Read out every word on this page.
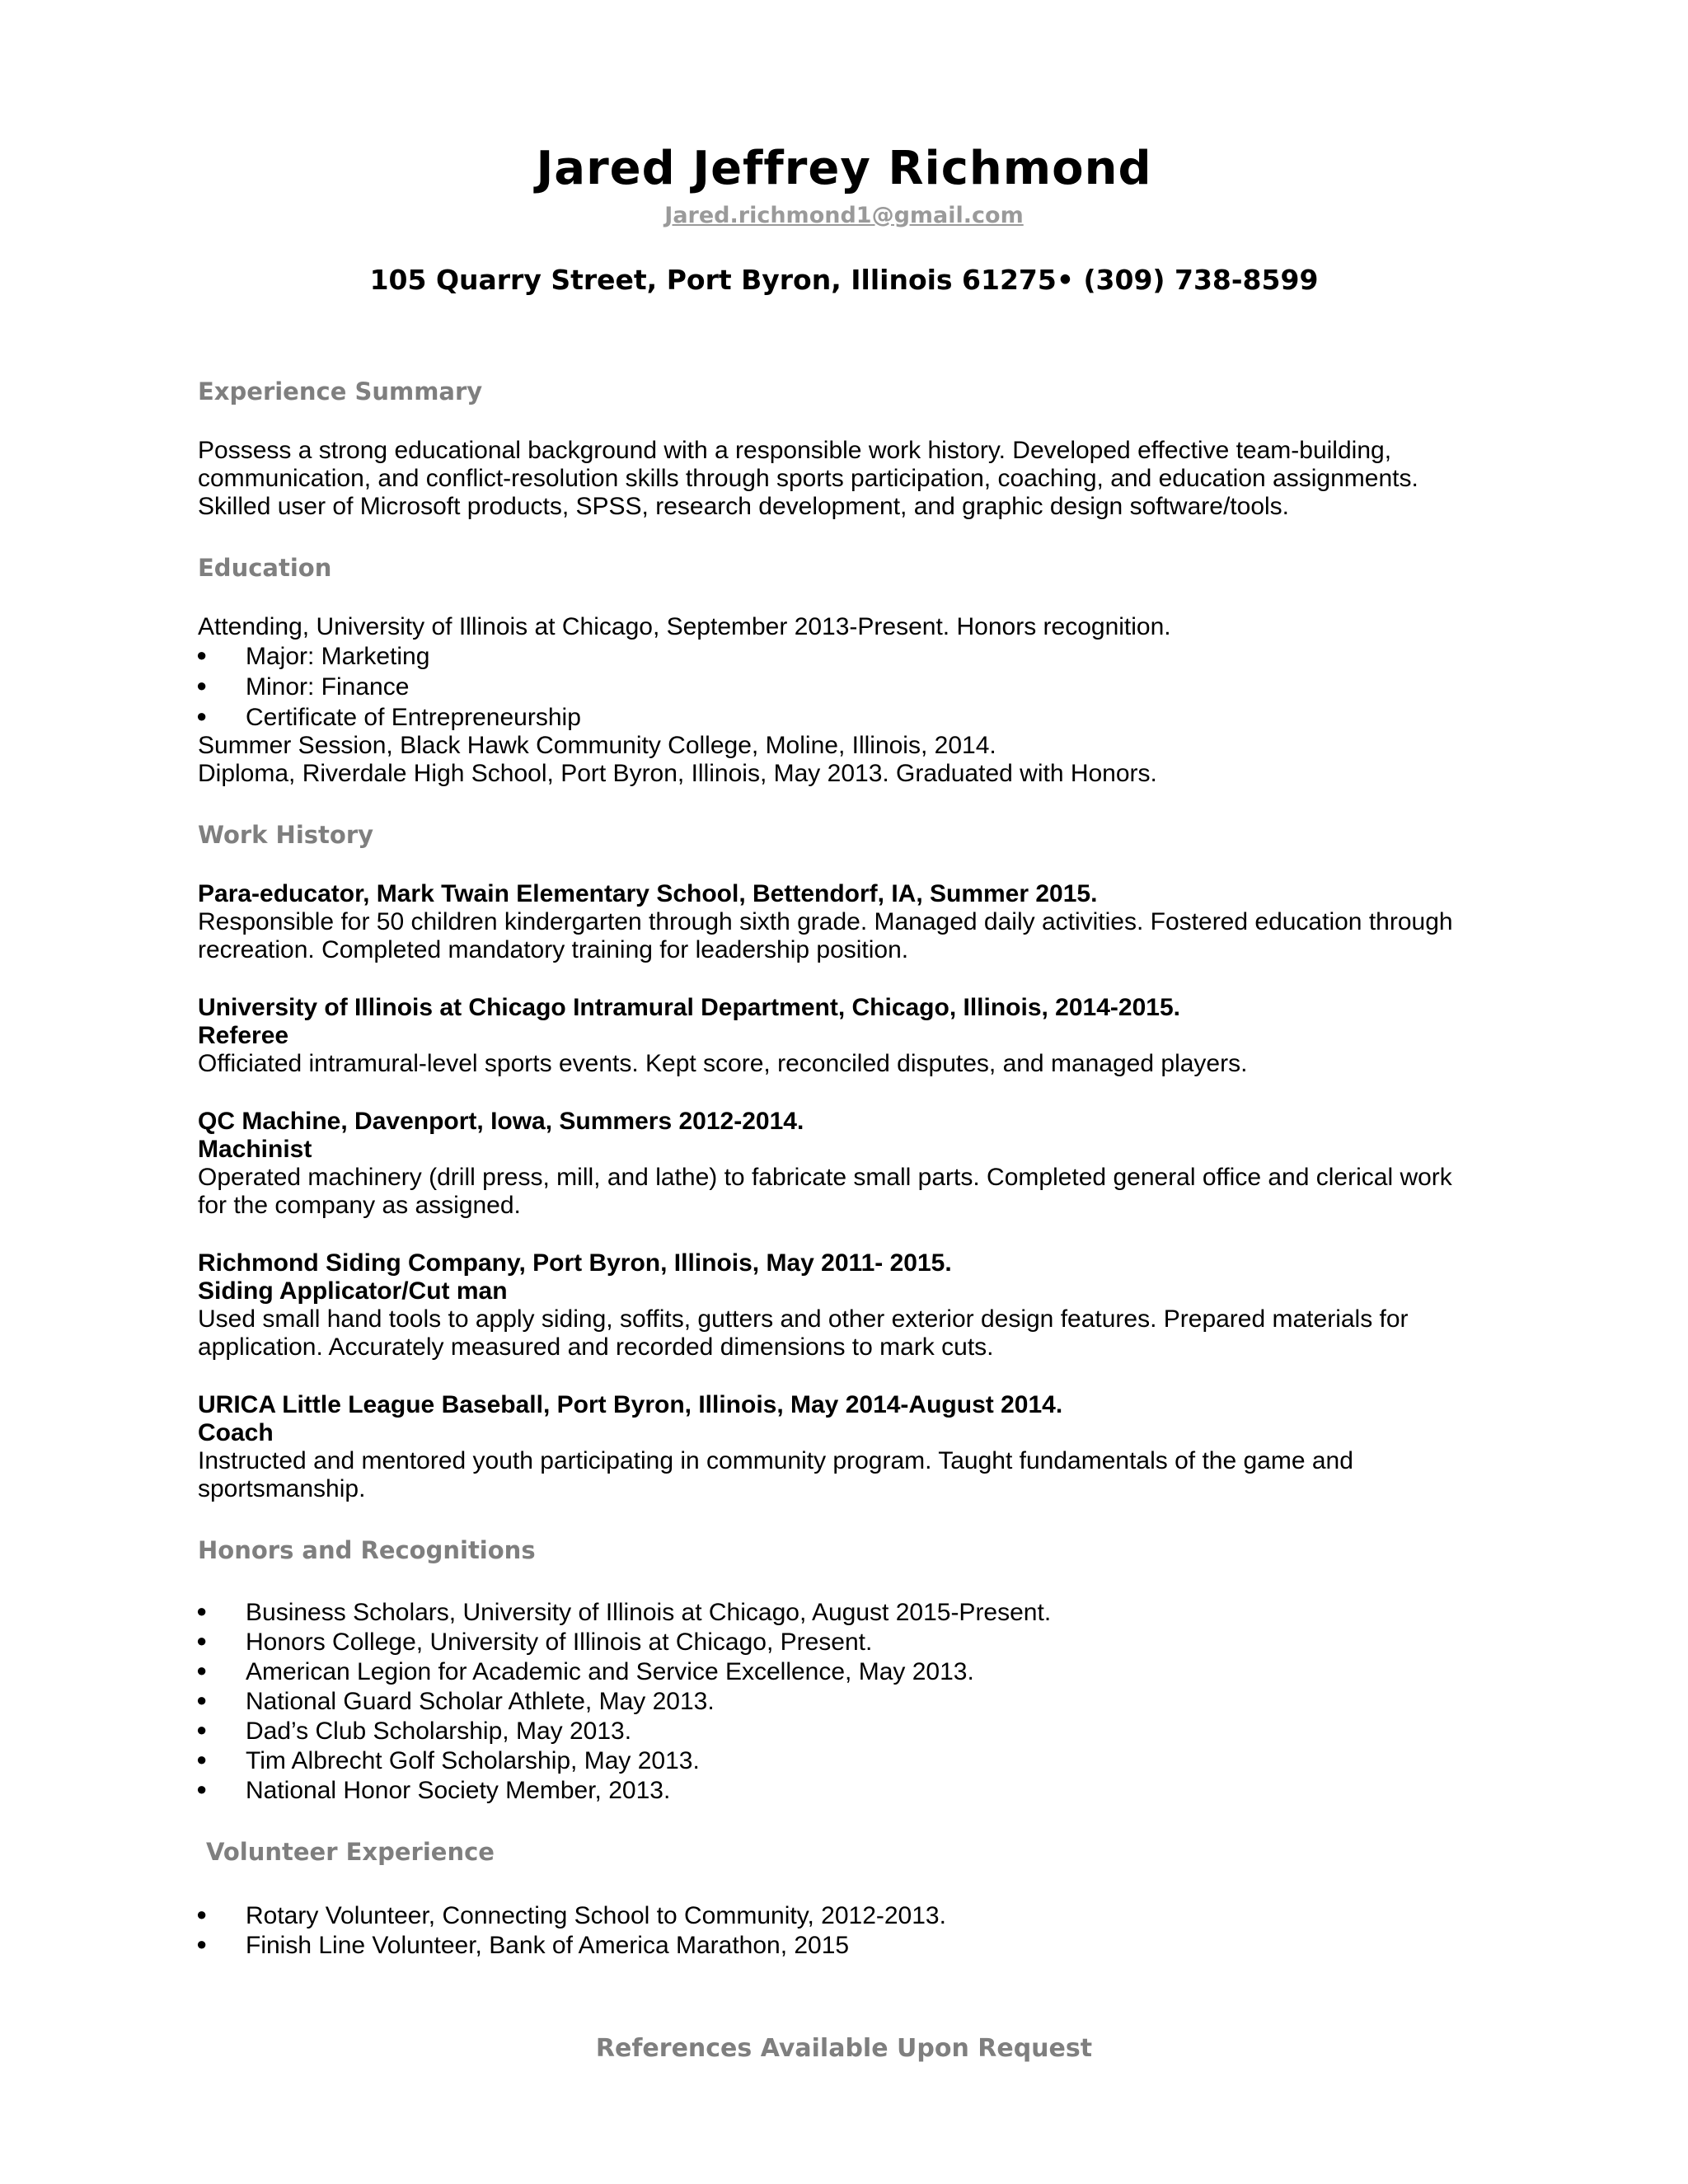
Jared Jeffrey Richmond
Jared.richmond1@gmail.com
105 Quarry Street, Port Byron, Illinois 61275• (309) 738-8599
Experience Summary
Possess a strong educational background with a responsible work history. Developed effective team-building,
communication, and conflict-resolution skills through sports participation, coaching, and education assignments.
Skilled user of Microsoft products, SPSS, research development, and graphic design software/tools.
Education
Attending, University of Illinois at Chicago, September 2013-Present. Honors recognition.
● Major: Marketing
● Minor: Finance
● Certificate of Entrepreneurship
Summer Session, Black Hawk Community College, Moline, Illinois, 2014.
Diploma, Riverdale High School, Port Byron, Illinois, May 2013. Graduated with Honors.
Work History
Para-educator, Mark Twain Elementary School, Bettendorf, IA, Summer 2015.
Responsible for 50 children kindergarten through sixth grade. Managed daily activities. Fostered education through
recreation. Completed mandatory training for leadership position.
University of Illinois at Chicago Intramural Department, Chicago, Illinois, 2014-2015.
Referee
Officiated intramural-level sports events. Kept score, reconciled disputes, and managed players.
QC Machine, Davenport, Iowa, Summers 2012-2014.
Machinist
Operated machinery (drill press, mill, and lathe) to fabricate small parts. Completed general office and clerical work
for the company as assigned.
Richmond Siding Company, Port Byron, Illinois, May 2011- 2015.
Siding Applicator/Cut man
Used small hand tools to apply siding, soffits, gutters and other exterior design features. Prepared materials for
application. Accurately measured and recorded dimensions to mark cuts.
URICA Little League Baseball, Port Byron, Illinois, May 2014-August 2014.
Coach
Instructed and mentored youth participating in community program. Taught fundamentals of the game and
sportsmanship.
Honors and Recognitions
● Business Scholars, University of Illinois at Chicago, August 2015-Present.
● Honors College, University of Illinois at Chicago, Present.
● American Legion for Academic and Service Excellence, May 2013.
● National Guard Scholar Athlete, May 2013.
● Dad’s Club Scholarship, May 2013.
● Tim Albrecht Golf Scholarship, May 2013.
● National Honor Society Member, 2013.
Volunteer Experience
● Rotary Volunteer, Connecting School to Community, 2012-2013.
● Finish Line Volunteer, Bank of America Marathon, 2015
References Available Upon Request
